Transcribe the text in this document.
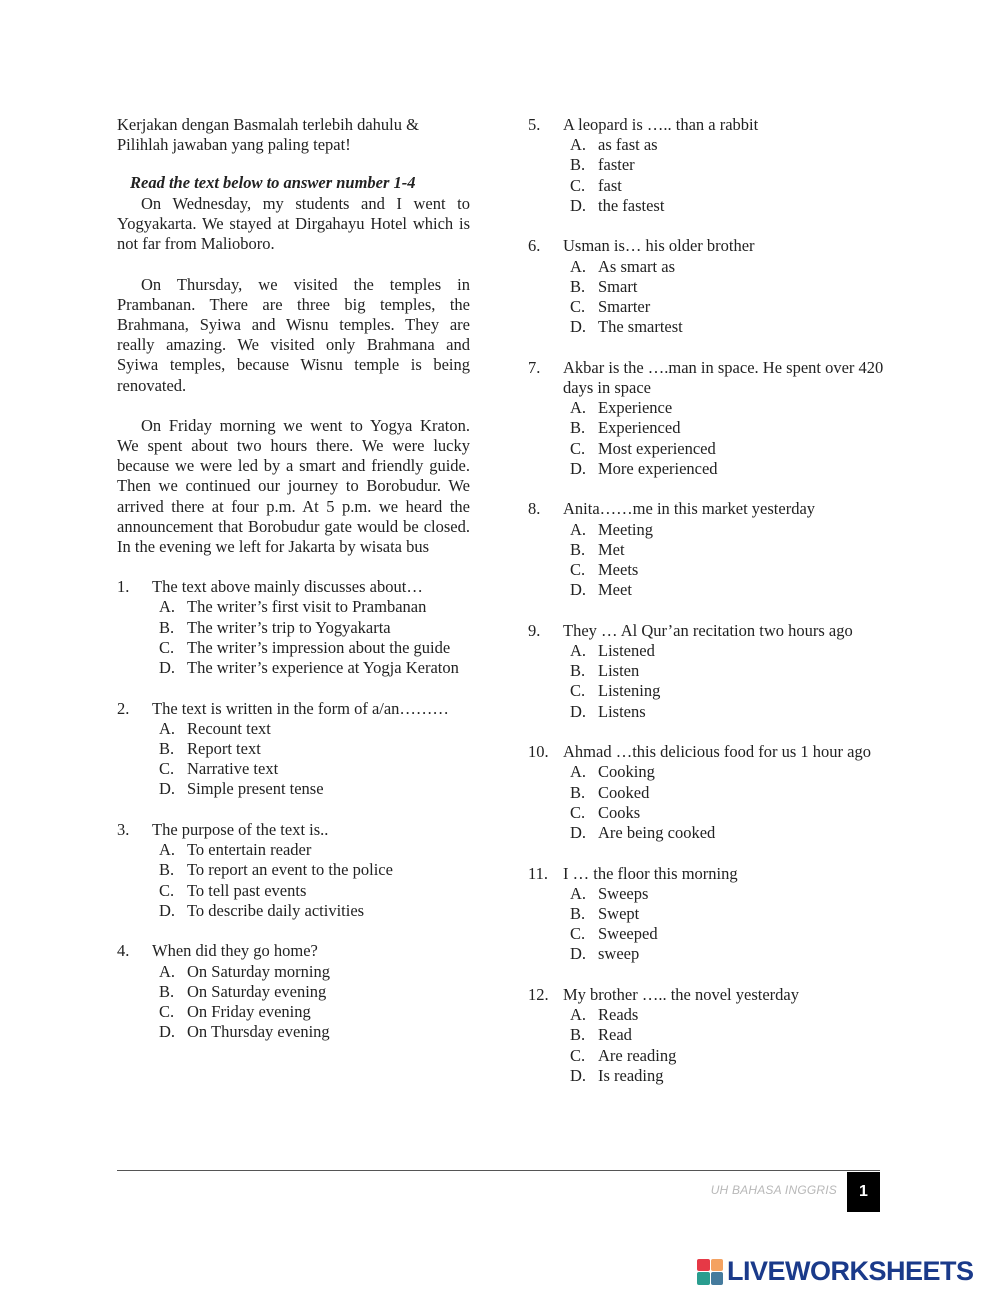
Kerjakan dengan Basmalah terlebih dahulu &

Pilihlah jawaban yang paling tepat!

Read the text below to answer number 1-4

On Wednesday, my students and I went to Yogyakarta. We stayed at Dirgahayu Hotel which is not far from Malioboro.

On Thursday, we visited the temples in Prambanan. There are three big temples, the Brahmana, Syiwa and Wisnu temples. They are really amazing. We visited only Brahmana and Syiwa temples, because Wisnu temple is being renovated.

On Friday morning we went to Yogya Kraton. We spent about two hours there. We were lucky because we were led by a smart and friendly guide. Then we continued our journey to Borobudur. We arrived there at four p.m. At 5 p.m. we heard the announcement that Borobudur gate would be closed. In the evening we left for Jakarta by wisata bus

1.	The text above mainly discusses about…
A. The writer’s first visit to Prambanan
B. The writer’s trip to Yogyakarta
C. The writer’s impression about the guide
D. The writer’s experience at Yogja Keraton
2.	The text is written in the form of a/an………
A. Recount text
B. Report text
C. Narrative text
D. Simple present tense
3.	The purpose of the text is..
A. To entertain reader
B. To report an event to the police
C. To tell past events
D. To describe daily activities
4.	When did they go home?
A. On Saturday morning
B. On Saturday evening
C. On Friday evening
D. On Thursday evening
5.	A leopard is ….. than a rabbit
A. as fast as
B. faster
C. fast
D. the fastest
6.	Usman is… his older brother
A. As smart as
B. Smart
C. Smarter
D. The smartest
7.	Akbar is the ….man in space. He spent over 420 days in space
A. Experience
B. Experienced
C. Most experienced
D. More experienced
8.	Anita……me in this market yesterday
A. Meeting
B. Met
C. Meets
D. Meet
9.	They … Al Qur’an recitation two hours ago
A. Listened
B. Listen
C. Listening
D. Listens
10. Ahmad …this delicious food for us 1 hour ago
A. Cooking
B. Cooked
C. Cooks
D. Are being cooked
11. I … the floor this morning
A. Sweeps
B. Swept
C. Sweeped
D. sweep
12. My brother ….. the novel yesterday
A. Reads
B. Read
C. Are reading
D. Is reading
UH BAHASA INGGRIS	1
LIVEWORKSHEETS
